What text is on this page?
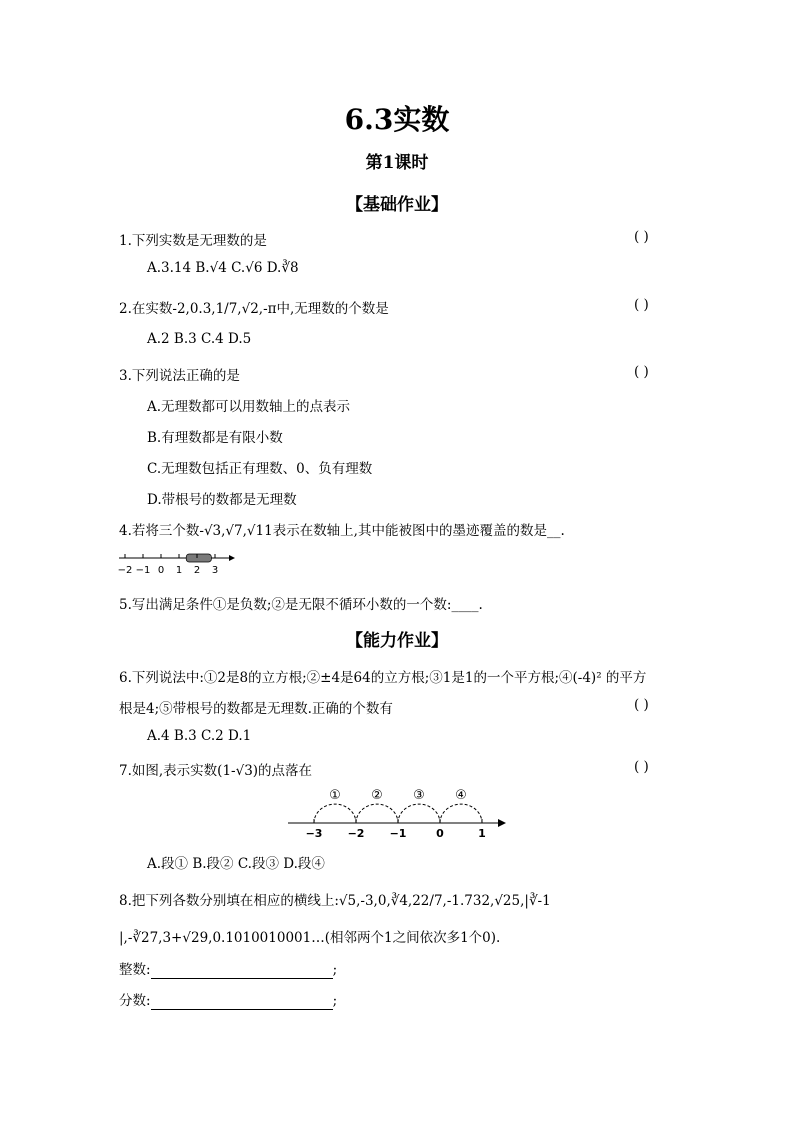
6.3实数
第1课时
【基础作业】
1.下列实数是无理数的是	( )
A.3.14 B.√4 C.√6 D.∛8
2.在实数-2,0.3,1/7,√2,-π中,无理数的个数是	( )
A.2 B.3 C.4 D.5
3.下列说法正确的是	( )
A.无理数都可以用数轴上的点表示
B.有理数都是有限小数
C.无理数包括正有理数、0、负有理数
D.带根号的数都是无理数
4.若将三个数-√3,√7,√11表示在数轴上,其中能被图中的墨迹覆盖的数是__.
−2 −1 0 1 2 3
5.写出满足条件①是负数;②是无限不循环小数的一个数:____.
【能力作业】
6.下列说法中:①2是8的立方根;②±4是64的立方根;③1是1的一个平方根;④(-4)² 的平方
根是4;⑤带根号的数都是无理数.正确的个数有	( )
A.4 B.3 C.2 D.1
7.如图,表示实数(1-√3)的点落在	( )
−3 −2 −1	0	1
① ② ③ ④
A.段① B.段② C.段③ D.段④
8.把下列各数分别填在相应的横线上:√5,-3,0,∛4,22/7,-1.732,√25,|∛-1
|,-∛27,3+√29,0.1010010001…(相邻两个1之间依次多1个0).
整数:	;
分数:	;
